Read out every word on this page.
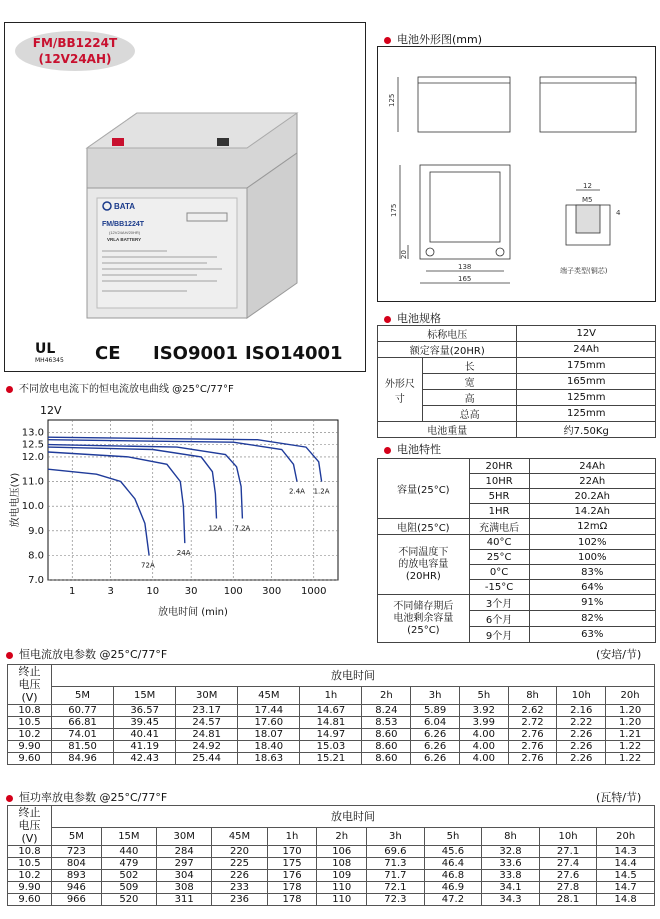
FM/BB1224T
(12V24AH)
BATA
FM/BB1224T
(12V24AH/20HR)
VRLA BATTERY
UL
MH46345 CE ISO9001 ISO14001
电池外形图(mm)
125
175
20
138
165
12
M5
4
端子类型(铜芯)
电池规格
标称电压		12V
额定容量(20HR)		24Ah
外形尺寸	长	175mm
	宽	165mm
	高	125mm
	总高	125mm
电池重量		约7.50Kg
电池特性
容量(25°C)	20HR	24Ah
	10HR	22Ah
	5HR	20.2Ah
	1HR	14.2Ah
电阻(25°C)	充满电后	12mΩ

不同温度下
的放电容量
(20HR)	40°C	102%
	25°C	100%
	0°C	83%
	-15°C	64%

不同储存期后
电池剩余容量
(25°C)	3个月	91%
	6个月	82%
	9个月	63%
不同放电电流下的恒电流放电曲线 @25°C/77°F
12V
7.0
8.0
9.0
10.0
11.0
12.0
12.5
13.0
1	3	10	30	100 300 1000
72A
24A
12A 7.2A
2.4A 1.2A
放电电压(V)
放电时间 (min)
恒电流放电参数 @25°C/77°F	(安培/节)
终止
电压
(V)	放电时间										
	5M	15M	30M	45M	1h	2h	3h	5h	8h	10h	20h
10.8	60.77	36.57	23.17	17.44	14.67	8.24	5.89	3.92	2.62	2.16	1.20
10.5	66.81	39.45	24.57	17.60	14.81	8.53	6.04	3.99	2.72	2.22	1.20
10.2	74.01	40.41	24.81	18.07	14.97	8.60	6.26	4.00	2.76	2.26	1.21
9.90	81.50	41.19	24.92	18.40	15.03	8.60	6.26	4.00	2.76	2.26	1.22
9.60	84.96	42.43	25.44	18.63	15.21	8.60	6.26	4.00	2.76	2.26	1.22
恒功率放电参数 @25°C/77°F	(瓦特/节)
终止
电压
(V)	放电时间										
	5M	15M	30M	45M	1h	2h	3h	5h	8h	10h	20h
10.8	723	440	284	220	170	106	69.6	45.6	32.8	27.1	14.3
10.5	804	479	297	225	175	108	71.3	46.4	33.6	27.4	14.4
10.2	893	502	304	226	176	109	71.7	46.8	33.8	27.6	14.5
9.90	946	509	308	233	178	110	72.1	46.9	34.1	27.8	14.7
9.60	966	520	311	236	178	110	72.3	47.2	34.3	28.1	14.8
